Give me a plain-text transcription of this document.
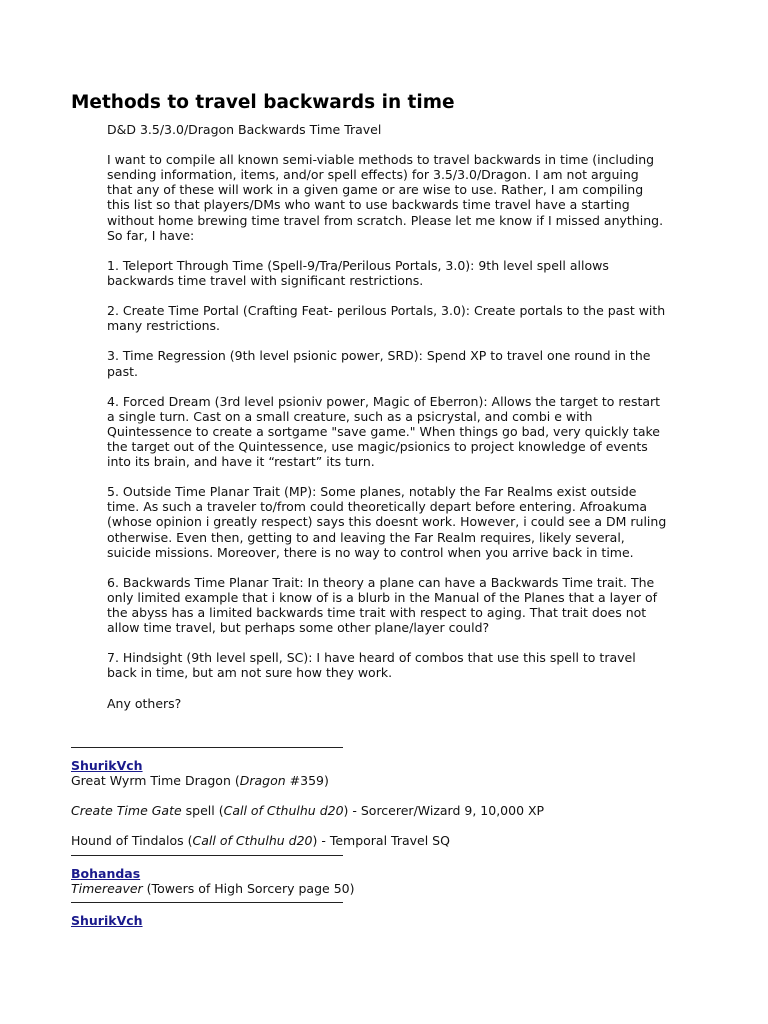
Methods to travel backwards in time

D&D 3.5/3.0/Dragon Backwards Time Travel

I want to compile all known semi-viable methods to travel backwards in time (including sending information, items, and/or spell effects) for 3.5/3.0/Dragon. I am not arguing that any of these will work in a given game or are wise to use. Rather, I am compiling this list so that players/DMs who want to use backwards time travel have a starting without home brewing time travel from scratch. Please let me know if I missed anything. So far, I have:

1. Teleport Through Time (Spell-9/Tra/Perilous Portals, 3.0): 9th level spell allows backwards time travel with significant restrictions.

2. Create Time Portal (Crafting Feat- perilous Portals, 3.0): Create portals to the past with many restrictions.

3. Time Regression (9th level psionic power, SRD): Spend XP to travel one round in the past.

4. Forced Dream (3rd level psioniv power, Magic of Eberron): Allows the target to restart a single turn. Cast on a small creature, such as a psicrystal, and combi e with Quintessence to create a sortgame "save game." When things go bad, very quickly take the target out of the Quintessence, use magic/psionics to project knowledge of events into its brain, and have it “restart” its turn.

5. Outside Time Planar Trait (MP): Some planes, notably the Far Realms exist outside time. As such a traveler to/from could theoretically depart before entering. Afroakuma (whose opinion i greatly respect) says this doesnt work. However, i could see a DM ruling otherwise. Even then, getting to and leaving the Far Realm requires, likely several, suicide missions. Moreover, there is no way to control when you arrive back in time.

6. Backwards Time Planar Trait: In theory a plane can have a Backwards Time trait. The only limited example that i know of is a blurb in the Manual of the Planes that a layer of the abyss has a limited backwards time trait with respect to aging. That trait does not allow time travel, but perhaps some other plane/layer could?

7. Hindsight (9th level spell, SC): I have heard of combos that use this spell to travel back in time, but am not sure how they work.

Any others?

ShurikVch
Great Wyrm Time Dragon (Dragon #359)
Create Time Gate spell (Call of Cthulhu d20) - Sorcerer/Wizard 9, 10,000 XP
Hound of Tindalos (Call of Cthulhu d20) - Temporal Travel SQ
Bohandas
Timereaver (Towers of High Sorcery page 50)
ShurikVch
